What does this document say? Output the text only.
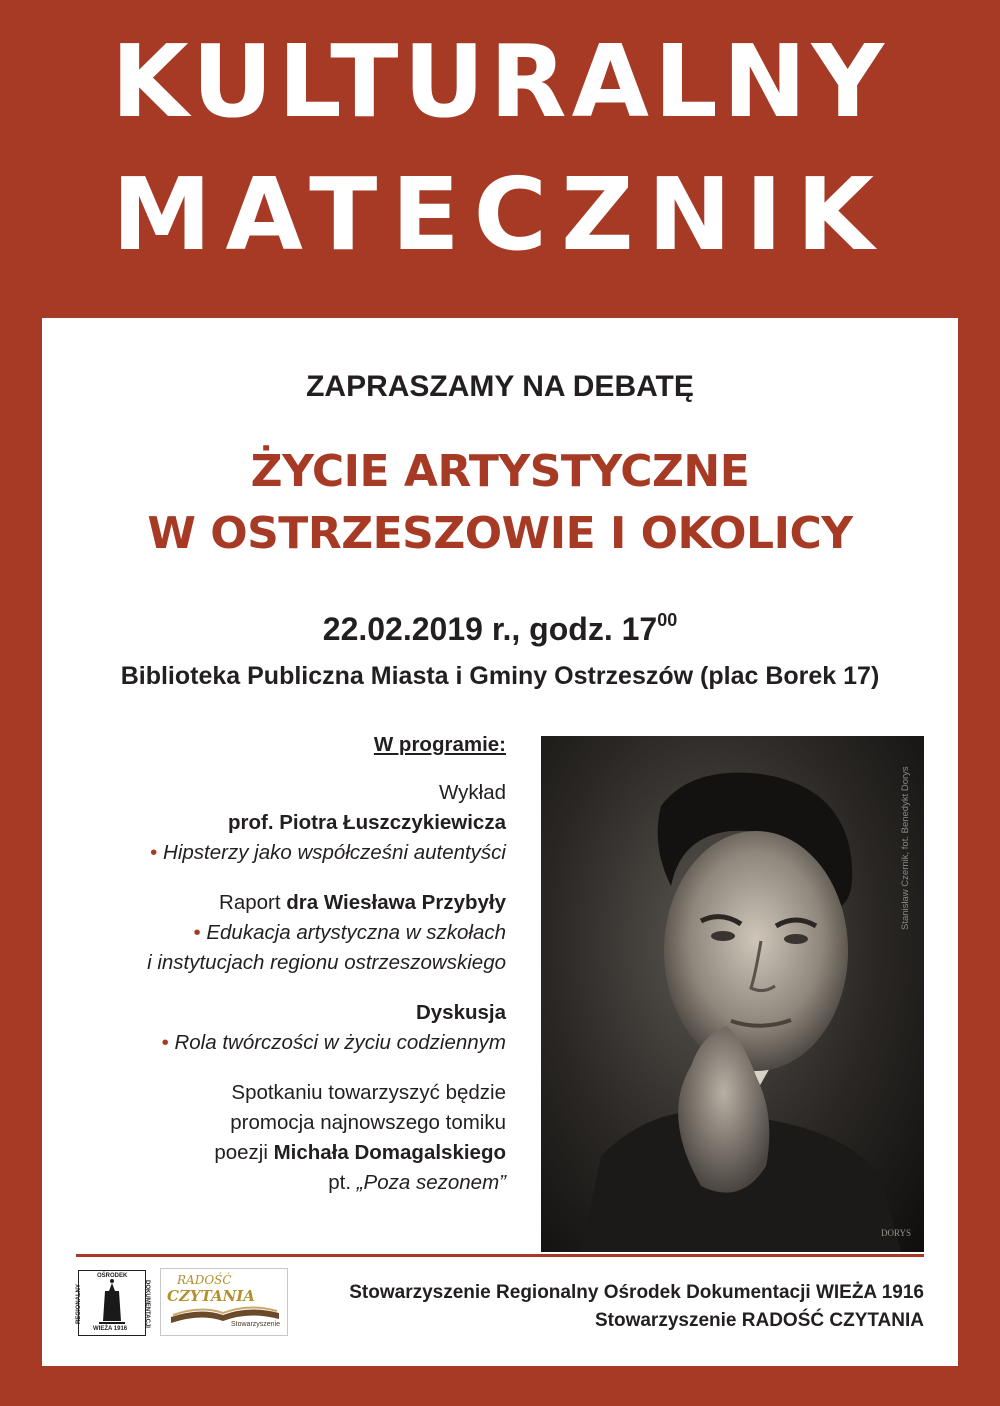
KULTURALNY
MATECZNIK

ZAPRASZAMY NA DEBATĘ

ŻYCIE ARTYSTYCZNE

W OSTRZESZOWIE I OKOLICY

22.02.2019 r., godz. $17^{00}$

Biblioteka Publiczna Miasta i Gminy Ostrzeszów (plac Borek 17)

W programie:

Wykład

prof. Piotra Łuszczykiewicza

• Hipsterzy jako współcześni autentyści

Raport dra Wiesława Przybyły

• Edukacja artystyczna w szkołach

i instytucjach regionu ostrzeszowskiego

Dyskusja

• Rola twórczości w życiu codziennym

Spotkaniu towarzyszyć będzie

promocja najnowszego tomiku

poezji Michała Domagalskiego

pt. „Poza sezonem”

DORYS
OŚRODEK
REGIONALNY	DOKUMENTACJI
WIEŻA 1916
RADOŚĆ
CZYTANIA
Stowarzyszenie

Stowarzyszenie Regionalny Ośrodek Dokumentacji WIEŻA 1916

Stowarzyszenie RADOŚĆ CZYTANIA

Stanisław Czernik, fot. Benedykt Dorys
